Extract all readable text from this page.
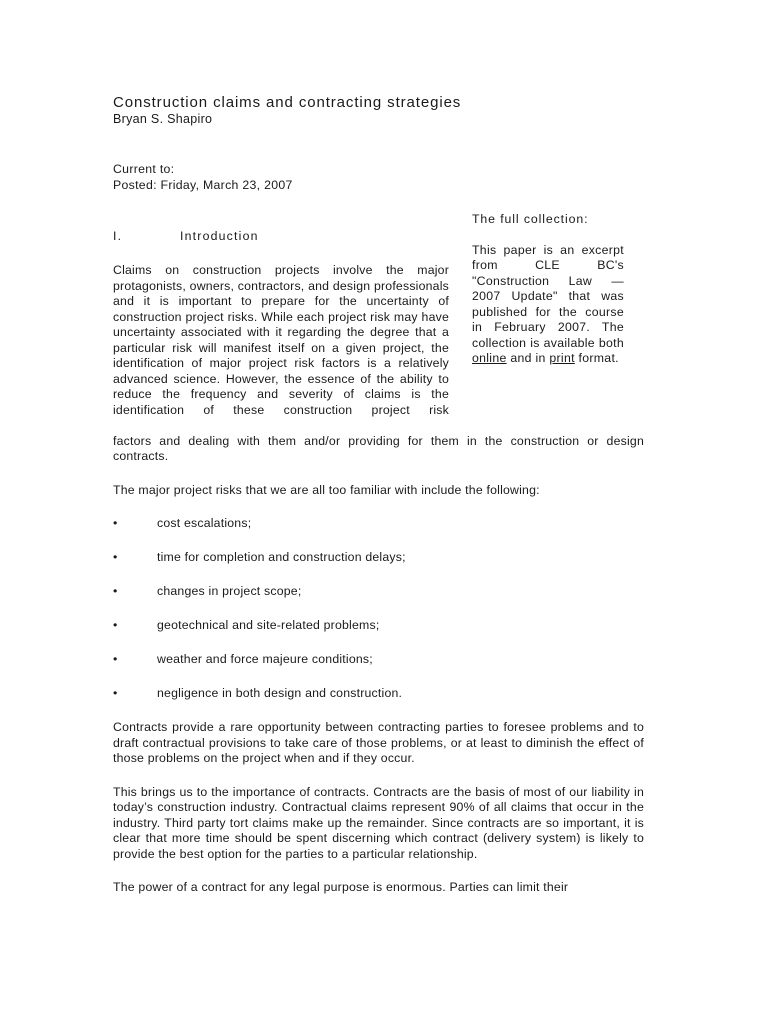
Construction claims and contracting strategies
Bryan S. Shapiro
Current to:
Posted: Friday, March 23, 2007
I.	Introduction
The full collection:
This paper is an excerpt from CLE BC's "Construction Law — 2007 Update" that was published for the course in February 2007. The collection is available both online and in print format.
Claims on construction projects involve the major protagonists, owners, contractors, and design professionals and it is important to prepare for the uncertainty of construction project risks. While each project risk may have uncertainty associated with it regarding the degree that a particular risk will manifest itself on a given project, the identification of major project risk factors is a relatively advanced science. However, the essence of the ability to reduce the frequency and severity of claims is the identification of these construction project risk
factors and dealing with them and/or providing for them in the construction or design contracts.

The major project risks that we are all too familiar with include the following:

•	cost escalations;
•	time for completion and construction delays;
•	changes in project scope;
•	geotechnical and site-related problems;
•	weather and force majeure conditions;
•	negligence in both design and construction.

Contracts provide a rare opportunity between contracting parties to foresee problems and to draft contractual provisions to take care of those problems, or at least to diminish the effect of those problems on the project when and if they occur.

This brings us to the importance of contracts. Contracts are the basis of most of our liability in today’s construction industry. Contractual claims represent 90% of all claims that occur in the industry. Third party tort claims make up the remainder. Since contracts are so important, it is clear that more time should be spent discerning which contract (delivery system) is likely to provide the best option for the parties to a particular relationship.

The power of a contract for any legal purpose is enormous. Parties can limit their
